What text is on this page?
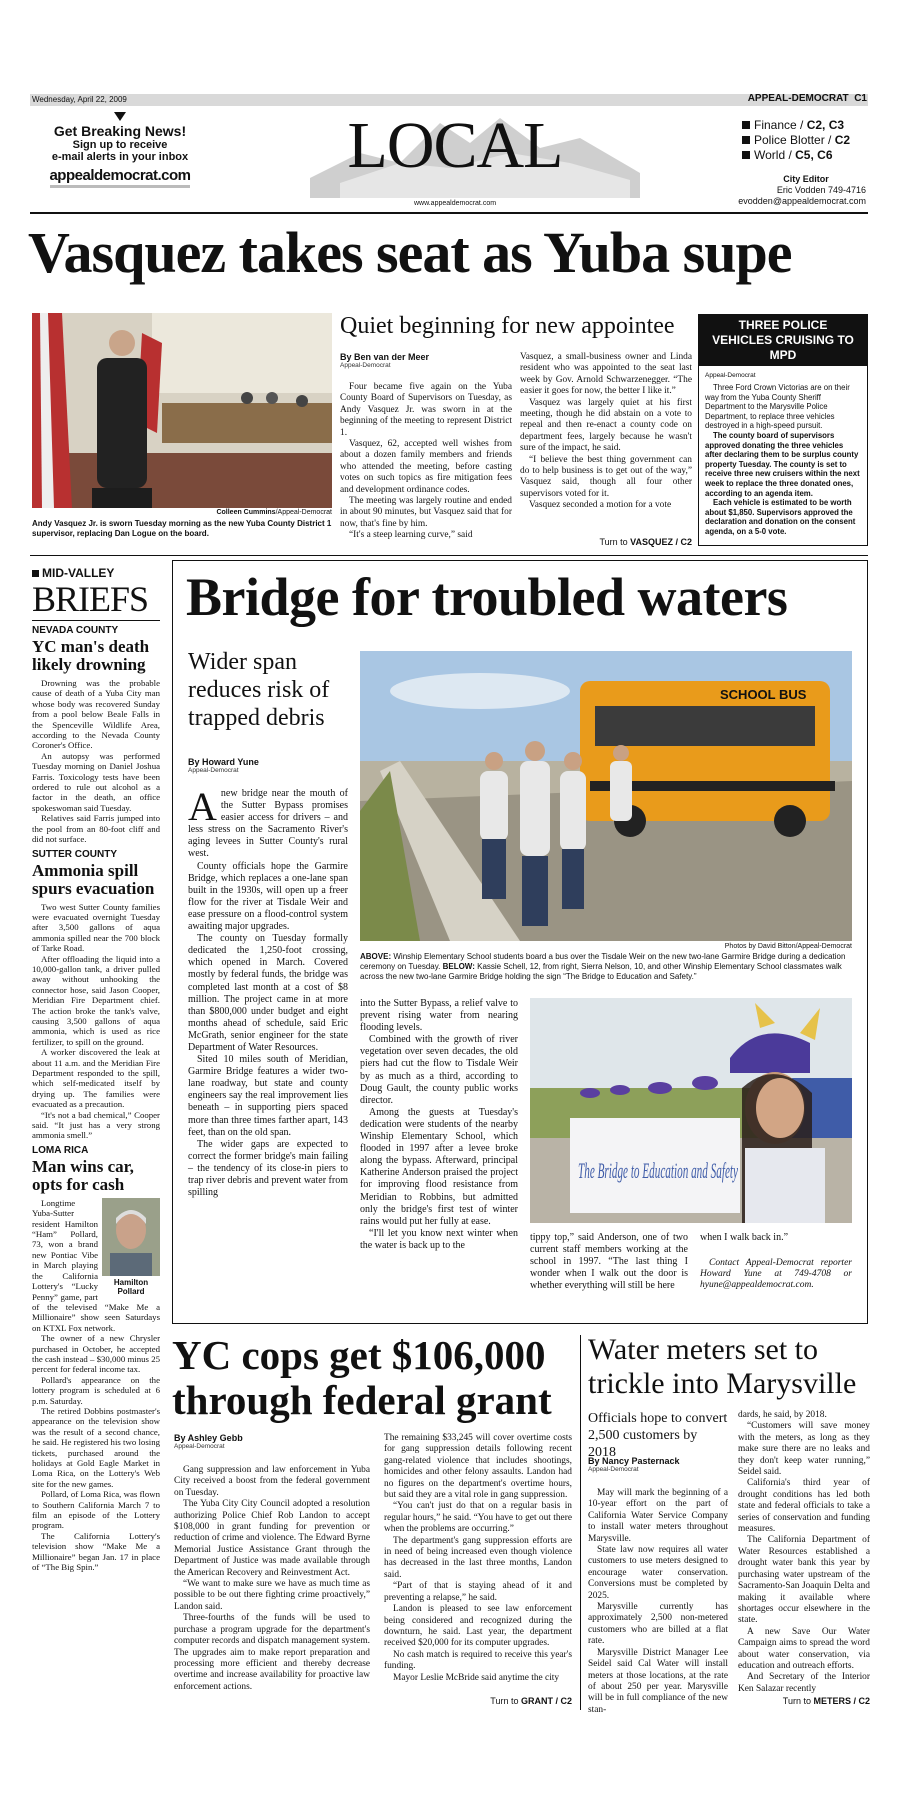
Wednesday, April 22, 2009	APPEAL-DEMOCRAT C1
Get Breaking News!
Sign up to receive
e-mail alerts in your inbox
appealdemocrat.com LOCAL
www.appealdemocrat.com
Finance / C2, C3
Police Blotter / C2
World / C5, C6
City Editor
Eric Vodden 749-4716
evodden@appealdemocrat.com
Vasquez takes seat as Yuba supe
Colleen Cummins/Appeal-Democrat
Andy Vasquez Jr. is sworn Tuesday morning as the new Yuba County District 1 supervisor, replacing Dan Logue on the board.
Quiet beginning for new appointee
By Ben van der Meer
Appeal-Democrat

Four became five again on the Yuba County Board of Supervisors on Tuesday, as Andy Vasquez Jr. was sworn in at the beginning of the meeting to represent District 1.

Vasquez, 62, accepted well wishes from about a dozen family members and friends who attended the meeting, before casting votes on such topics as fire mitigation fees and development ordinance codes.

The meeting was largely routine and ended in about 90 minutes, but Vasquez said that for now, that's fine by him.

“It's a steep learning curve,” said

Vasquez, a small-business owner and Linda resident who was appointed to the seat last week by Gov. Arnold Schwarzenegger. “The easier it goes for now, the better I like it.”

Vasquez was largely quiet at his first meeting, though he did abstain on a vote to repeal and then re-enact a county code on department fees, largely because he wasn't sure of the impact, he said.

“I believe the best thing government can do to help business is to get out of the way,” Vasquez said, though all four other supervisors voted for it.

Vasquez seconded a motion for a vote

Turn to VASQUEZ / C2
THREE POLICE VEHICLES CRUISING TO MPD
Appeal-Democrat

Three Ford Crown Victorias are on their way from the Yuba County Sheriff Department to the Marysville Police Department, to replace three vehicles destroyed in a high-speed pursuit.

The county board of supervisors approved donating the three vehicles after declaring them to be surplus county property Tuesday. The county is set to receive three new cruisers within the next week to replace the three donated ones, according to an agenda item.

Each vehicle is estimated to be worth about $1,850. Supervisors approved the declaration and donation on the consent agenda, on a 5-0 vote.

MID-VALLEY
BRIEFS
NEVADA COUNTY
YC man's death likely drowning

Drowning was the probable cause of death of a Yuba City man whose body was recovered Sunday from a pool below Beale Falls in the Spenceville Wildlife Area, according to the Nevada County Coroner's Office.

An autopsy was performed Tuesday morning on Daniel Joshua Farris. Toxicology tests have been ordered to rule out alcohol as a factor in the death, an office spokeswoman said Tuesday.

Relatives said Farris jumped into the pool from an 80-foot cliff and did not surface.

SUTTER COUNTY
Ammonia spill spurs evacuation

Two west Sutter County families were evacuated overnight Tuesday after 3,500 gallons of aqua ammonia spilled near the 700 block of Tarke Road.

After offloading the liquid into a 10,000-gallon tank, a driver pulled away without unhooking the connector hose, said Jason Cooper, Meridian Fire Department chief. The action broke the tank's valve, causing 3,500 gallons of aqua ammonia, which is used as rice fertilizer, to spill on the ground.

A worker discovered the leak at about 11 a.m. and the Meridian Fire Department responded to the spill, which self-medicated itself by drying up. The families were evacuated as a precaution.

“It's not a bad chemical,” Cooper said. “It just has a very strong ammonia smell.”

LOMA RICA
Man wins car, opts for cash
Hamilton Pollard

Longtime Yuba-Sutter resident Hamilton “Ham” Pollard, 73, won a brand new Pontiac Vibe in March playing the California Lottery's “Lucky Penny” game, part of the televised “Make Me a Millionaire” show seen Saturdays on KTXL Fox network.

The owner of a new Chrysler purchased in October, he accepted the cash instead – $30,000 minus 25 percent for federal income tax.

Pollard's appearance on the lottery program is scheduled at 6 p.m. Saturday.

The retired Dobbins postmaster's appearance on the television show was the result of a second chance, he said. He registered his two losing tickets, purchased around the holidays at Gold Eagle Market in Loma Rica, on the Lottery's Web site for the new games.

Pollard, of Loma Rica, was flown to Southern California March 7 to film an episode of the Lottery program.

The California Lottery's television show “Make Me a Millionaire” began Jan. 17 in place of “The Big Spin.”

Bridge for troubled waters
Wider span reduces risk of trapped debris
By Howard Yune
Appeal-Democrat
SCHOOL BUS
Photos by David Bitton/Appeal-Democrat
ABOVE: Winship Elementary School students board a bus over the Tisdale Weir on the new two-lane Garmire Bridge during a dedication ceremony on Tuesday. BELOW: Kassie Schell, 12, from right, Sierra Nelson, 10, and other Winship Elementary School classmates walk across the new two-lane Garmire Bridge holding the sign “The Bridge to Education and Safety.”
A new bridge near the mouth of the Sutter Bypass promises easier access for drivers – and less stress on the Sacramento River's aging levees in Sutter County's rural west.

County officials hope the Garmire Bridge, which replaces a one-lane span built in the 1930s, will open up a freer flow for the river at Tisdale Weir and ease pressure on a flood-control system awaiting major upgrades.

The county on Tuesday formally dedicated the 1,250-foot crossing, which opened in March. Covered mostly by federal funds, the bridge was completed last month at a cost of $8 million. The project came in at more than $800,000 under budget and eight months ahead of schedule, said Eric McGrath, senior engineer for the state Department of Water Resources.

Sited 10 miles south of Meridian, Garmire Bridge features a wider two-lane roadway, but state and county engineers say the real improvement lies beneath – in supporting piers spaced more than three times farther apart, 143 feet, than on the old span.

The wider gaps are expected to correct the former bridge's main failing – the tendency of its close-in piers to trap river debris and prevent water from spilling

into the Sutter Bypass, a relief valve to prevent rising water from nearing flooding levels.

Combined with the growth of river vegetation over seven decades, the old piers had cut the flow to Tisdale Weir by as much as a third, according to Doug Gault, the county public works director.

Among the guests at Tuesday's dedication were students of the nearby Winship Elementary School, which flooded in 1997 after a levee broke along the bypass. Afterward, principal Katherine Anderson praised the project for improving flood resistance from Meridian to Robbins, but admitted only the bridge's first test of winter rains would put her fully at ease.

“I'll let you know next winter when the water is back up to the

The Bridge to Education and Safety

tippy top,” said Anderson, one of two current staff members working at the school in 1997. “The last thing I wonder when I walk out the door is whether everything will still be here

when I walk back in.”

Contact Appeal-Democrat reporter Howard Yune at 749-4708 or hyune@appealdemocrat.com.

YC cops get $106,000 through federal grant
By Ashley Gebb
Appeal-Democrat

Gang suppression and law enforcement in Yuba City received a boost from the federal government on Tuesday.

The Yuba City City Council adopted a resolution authorizing Police Chief Rob Landon to accept $108,000 in grant funding for prevention or reduction of crime and violence. The Edward Byrne Memorial Justice Assistance Grant through the Department of Justice was made available through the American Recovery and Reinvestment Act.

“We want to make sure we have as much time as possible to be out there fighting crime proactively,” Landon said.

Three-fourths of the funds will be used to purchase a program upgrade for the department's computer records and dispatch management system. The upgrades aim to make report preparation and processing more efficient and thereby decrease overtime and increase availability for proactive law enforcement actions.

The remaining $33,245 will cover overtime costs for gang suppression details following recent gang-related violence that includes shootings, homicides and other felony assaults. Landon had no figures on the department's overtime hours, but said they are a vital role in gang suppression.

“You can't just do that on a regular basis in regular hours,” he said. “You have to get out there when the problems are occurring.”

The department's gang suppression efforts are in need of being increased even though violence has decreased in the last three months, Landon said.

“Part of that is staying ahead of it and preventing a relapse,” he said.

Landon is pleased to see law enforcement being considered and recognized during the downturn, he said. Last year, the department received $20,000 for its computer upgrades.

No cash match is required to receive this year's funding.

Mayor Leslie McBride said anytime the city

Turn to GRANT / C2
Water meters set to trickle into Marysville
Officials hope to convert 2,500 customers by 2018
By Nancy Pasternack
Appeal-Democrat

May will mark the beginning of a 10-year effort on the part of California Water Service Company to install water meters throughout Marysville.

State law now requires all water customers to use meters designed to encourage water conservation. Conversions must be completed by 2025.

Marysville currently has approximately 2,500 non-metered customers who are billed at a flat rate.

Marysville District Manager Lee Seidel said Cal Water will install meters at those locations, at the rate of about 250 per year. Marysville will be in full compliance of the new stan-

dards, he said, by 2018.

“Customers will save money with the meters, as long as they make sure there are no leaks and they don't keep water running,” Seidel said.

California's third year of drought conditions has led both state and federal officials to take a series of conservation and funding measures.

The California Department of Water Resources established a drought water bank this year by purchasing water upstream of the Sacramento-San Joaquin Delta and making it available where shortages occur elsewhere in the state.

A new Save Our Water Campaign aims to spread the word about water conservation, via education and outreach efforts.

And Secretary of the Interior Ken Salazar recently

Turn to METERS / C2
